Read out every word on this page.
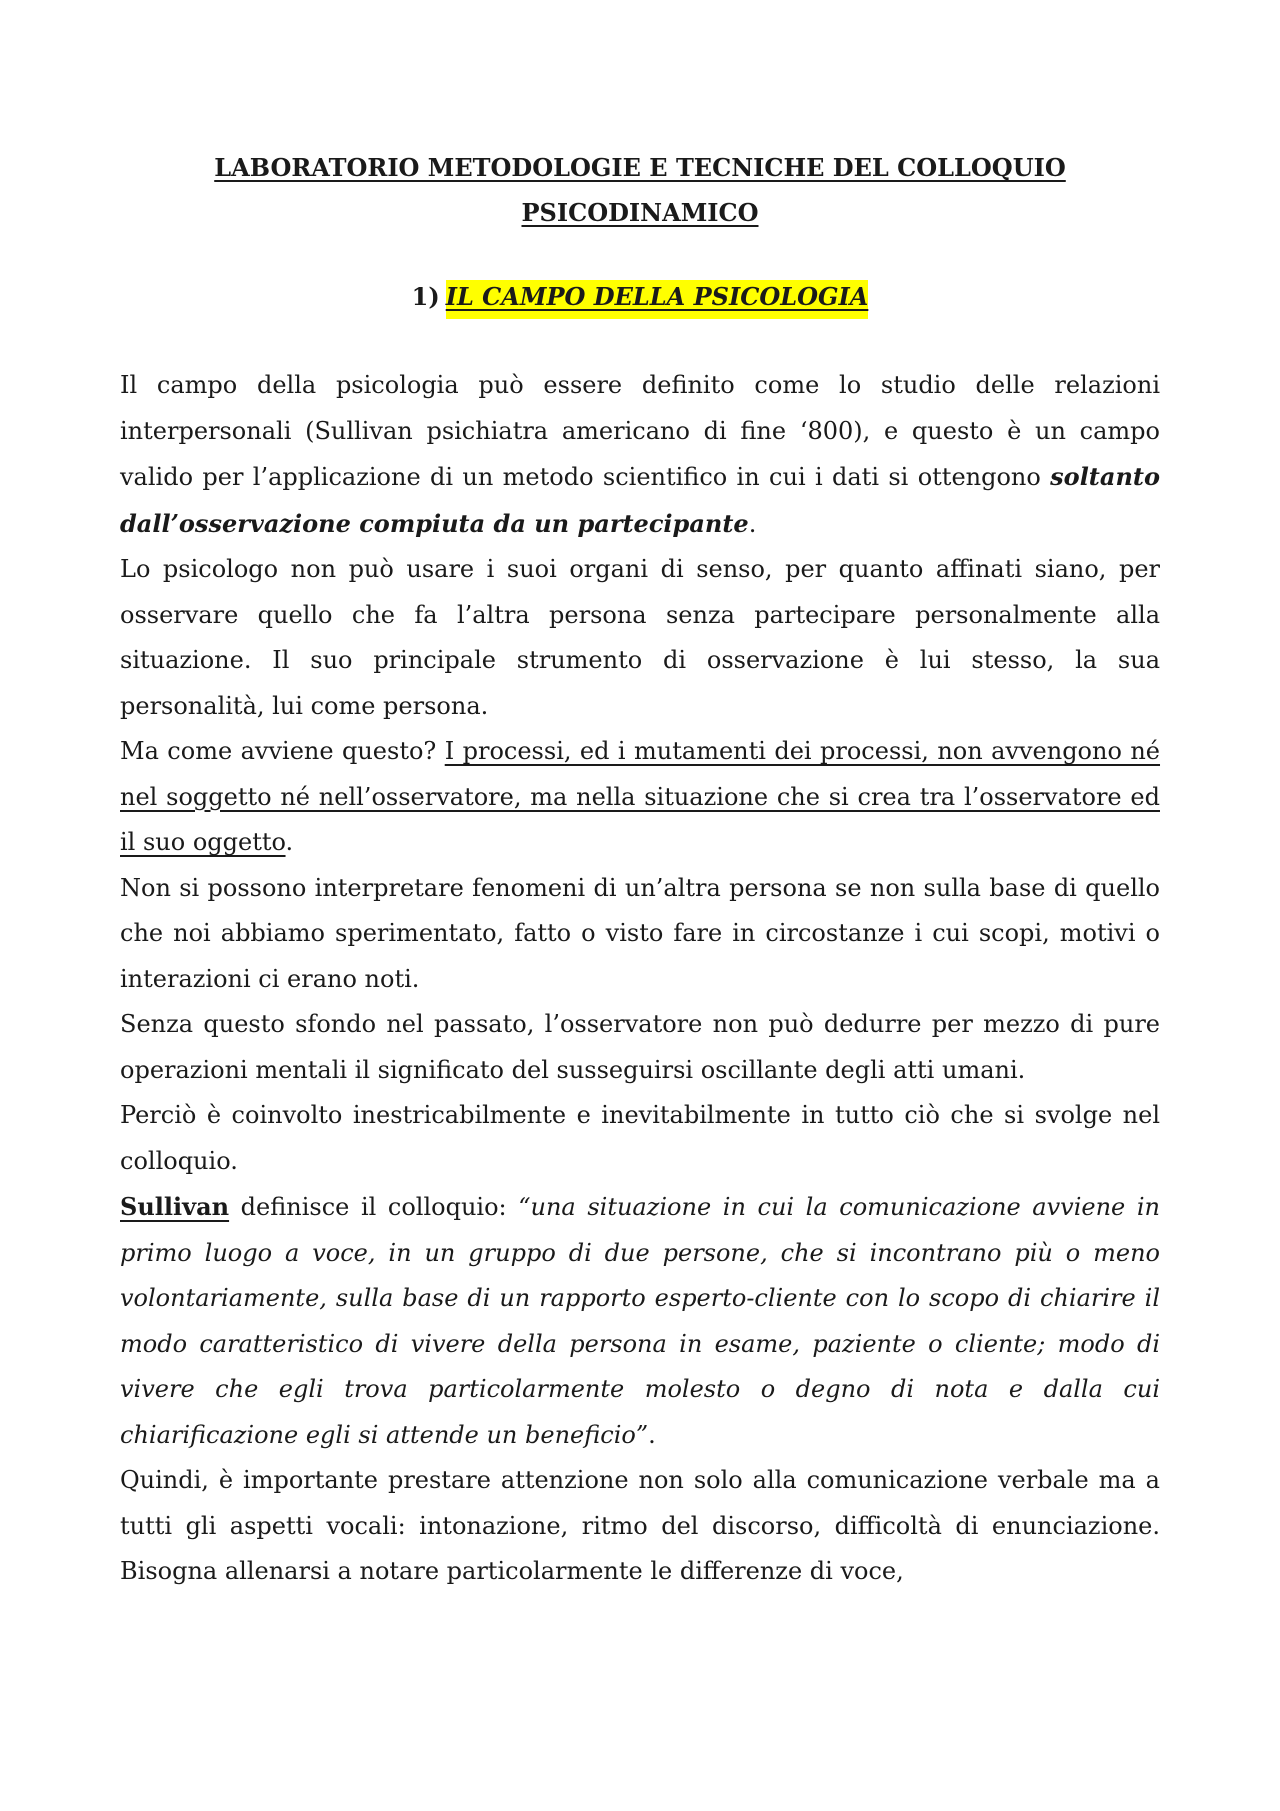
LABORATORIO METODOLOGIE E TECNICHE DEL COLLOQUIO
PSICODINAMICO
1) IL CAMPO DELLA PSICOLOGIA

Il campo della psicologia può essere definito come lo studio delle relazioni interpersonali (Sullivan psichiatra americano di fine ‘800), e questo è un campo valido per l’applicazione di un metodo scientifico in cui i dati si ottengono soltanto dall’osservazione compiuta da un partecipante.

Lo psicologo non può usare i suoi organi di senso, per quanto affinati siano, per osservare quello che fa l’altra persona senza partecipare personalmente alla situazione. Il suo principale strumento di osservazione è lui stesso, la sua personalità, lui come persona.

Ma come avviene questo? I processi, ed i mutamenti dei processi, non avvengono né nel soggetto né nell’osservatore, ma nella situazione che si crea tra l’osservatore ed il suo oggetto.

Non si possono interpretare fenomeni di un’altra persona se non sulla base di quello che noi abbiamo sperimentato, fatto o visto fare in circostanze i cui scopi, motivi o interazioni ci erano noti.

Senza questo sfondo nel passato, l’osservatore non può dedurre per mezzo di pure operazioni mentali il significato del susseguirsi oscillante degli atti umani.

Perciò è coinvolto inestricabilmente e inevitabilmente in tutto ciò che si svolge nel colloquio.

Sullivan definisce il colloquio: “una situazione in cui la comunicazione avviene in primo luogo a voce, in un gruppo di due persone, che si incontrano più o meno volontariamente, sulla base di un rapporto esperto-cliente con lo scopo di chiarire il modo caratteristico di vivere della persona in esame, paziente o cliente; modo di vivere che egli trova particolarmente molesto o degno di nota e dalla cui chiarificazione egli si attende un beneficio”.

Quindi, è importante prestare attenzione non solo alla comunicazione verbale ma a tutti gli aspetti vocali: intonazione, ritmo del discorso, difficoltà di enunciazione. Bisogna allenarsi a notare particolarmente le differenze di voce,
